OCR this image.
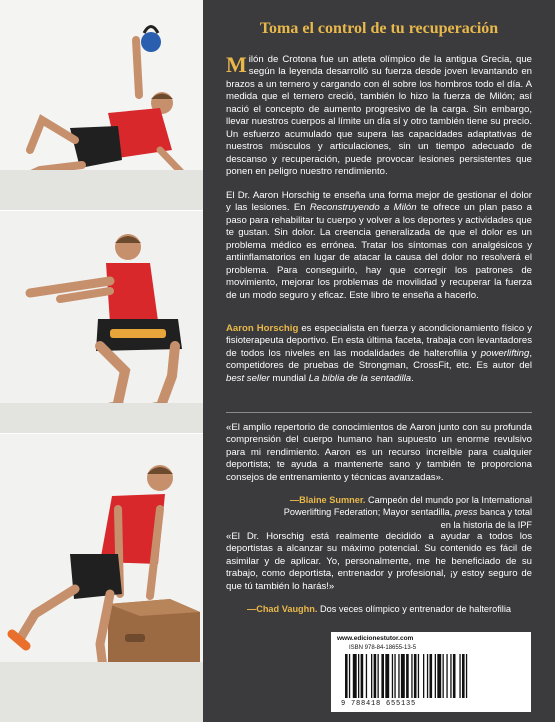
Toma el control de tu recuperación

Milón de Crotona fue un atleta olímpico de la antigua Grecia, que según la leyenda desarrolló su fuerza desde joven levantando en brazos a un ternero y cargando con él sobre los hombros todo el día. A medida que el ternero creció, también lo hizo la fuerza de Milón; así nació el concepto de aumento progresivo de la carga. Sin embargo, llevar nuestros cuerpos al límite un día sí y otro también tiene su precio. Un esfuerzo acumulado que supera las capacidades adaptativas de nuestros músculos y articulaciones, sin un tiempo adecuado de descanso y recuperación, puede provocar lesiones persistentes que ponen en peligro nuestro rendimiento.

El Dr. Aaron Horschig te enseña una forma mejor de gestionar el dolor y las lesiones. En Reconstruyendo a Milón te ofrece un plan paso a paso para rehabilitar tu cuerpo y volver a los deportes y actividades que te gustan. Sin dolor. La creencia generalizada de que el dolor es un problema médico es errónea. Tratar los síntomas con analgésicos y antiinflamatorios en lugar de atacar la causa del dolor no resolverá el problema. Para conseguirlo, hay que corregir los patrones de movimiento, mejorar los problemas de movilidad y recuperar la fuerza de un modo seguro y eficaz. Este libro te enseña a hacerlo.

Aaron Horschig es especialista en fuerza y acondicionamiento físico y fisioterapeuta deportivo. En esta última faceta, trabaja con levantadores de todos los niveles en las modalidades de halterofilia y powerlifting, competidores de pruebas de Strongman, CrossFit, etc. Es autor del best seller mundial La biblia de la sentadilla.

«El amplio repertorio de conocimientos de Aaron junto con su profunda comprensión del cuerpo humano han supuesto un enorme revulsivo para mi rendimiento. Aaron es un recurso increíble para cualquier deportista; te ayuda a mantenerte sano y también te proporciona consejos de entrenamiento y técnicas avanzadas».

—Blaine Sumner. Campeón del mundo por la International Powerlifting Federation; Mayor sentadilla, press banca y total en la historia de la IPF

«El Dr. Horschig está realmente decidido a ayudar a todos los deportistas a alcanzar su máximo potencial. Su contenido es fácil de asimilar y de aplicar. Yo, personalmente, me he beneficiado de su trabajo, como deportista, entrenador y profesional, ¡y estoy seguro de que tú también lo harás!»

—Chad Vaughn. Dos veces olímpico y entrenador de halterofilia
www.edicionestutor.com
ISBN 978-84-18655-13-5
9 788418 655135
